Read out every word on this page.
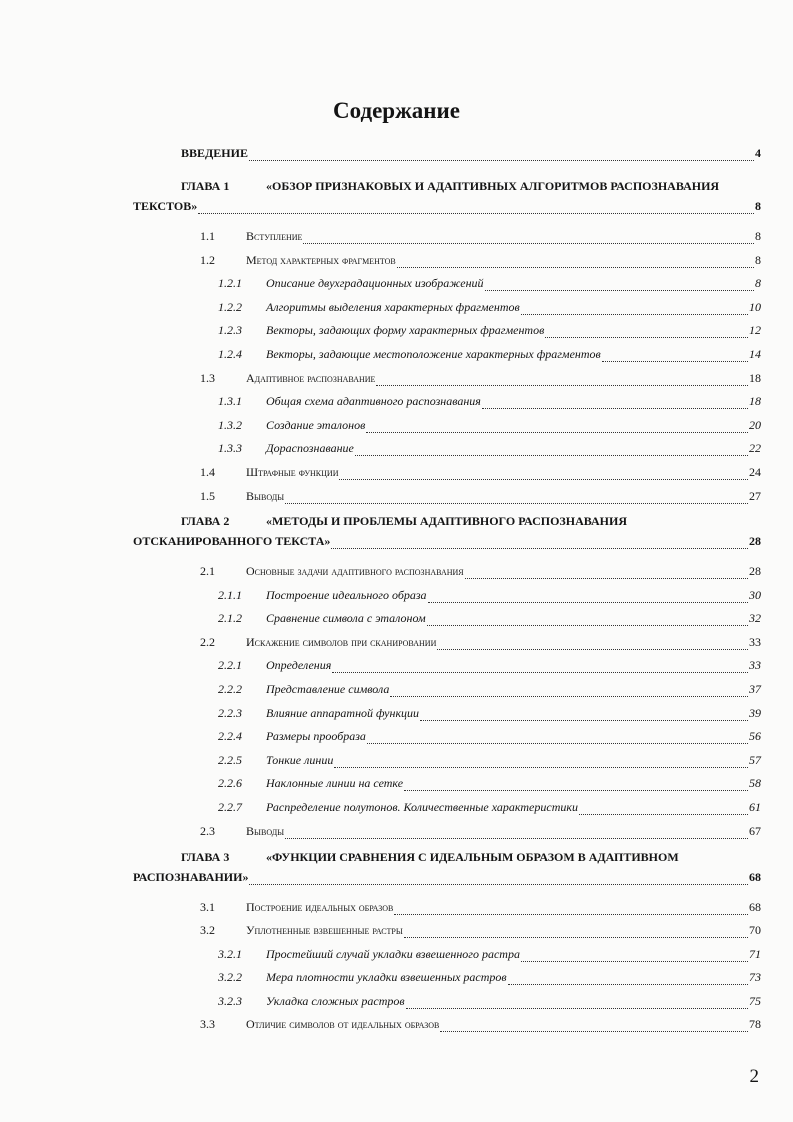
Содержание
ВВЕДЕНИЕ	4
ГЛАВА 1	«ОБЗОР ПРИЗНАКОВЫХ И АДАПТИВНЫХ АЛГОРИТМОВ РАСПОЗНАВАНИЯ
ТЕКСТОВ»	8
1.1	Вступление	8
1.2	Метод характерных фрагментов	8
1.2.1	Описание двухградационных изображений	8
1.2.2	Алгоритмы выделения характерных фрагментов	10
1.2.3	Векторы, задающих форму характерных фрагментов	12
1.2.4	Векторы, задающие местоположение характерных фрагментов	14
1.3	Адаптивное распознавание	18
1.3.1	Общая схема адаптивного распознавания	18
1.3.2	Создание эталонов	20
1.3.3	Дораспознавание	22
1.4	Штрафные функции	24
1.5	Выводы	27
ГЛАВА 2	«МЕТОДЫ И ПРОБЛЕМЫ АДАПТИВНОГО РАСПОЗНАВАНИЯ
ОТСКАНИРОВАННОГО ТЕКСТА»	28
2.1	Основные задачи адаптивного распознавания	28
2.1.1	Построение идеального образа	30
2.1.2	Сравнение символа с эталоном	32
2.2	Искажение символов при сканировании	33
2.2.1	Определения	33
2.2.2	Представление символа	37
2.2.3	Влияние аппаратной функции	39
2.2.4	Размеры прообраза	56
2.2.5	Тонкие линии	57
2.2.6	Наклонные линии на сетке	58
2.2.7	Распределение полутонов. Количественные характеристики	61
2.3	Выводы	67
ГЛАВА 3	«ФУНКЦИИ СРАВНЕНИЯ С ИДЕАЛЬНЫМ ОБРАЗОМ В АДАПТИВНОМ
РАСПОЗНАВАНИИ»	68
3.1	Построение идеальных образов	68
3.2	Уплотненные взвешенные растры	70
3.2.1	Простейший случай укладки взвешенного растра	71
3.2.2	Мера плотности укладки взвешенных растров	73
3.2.3	Укладка сложных растров	75
3.3	Отличие символов от идеальных образов	78
2
